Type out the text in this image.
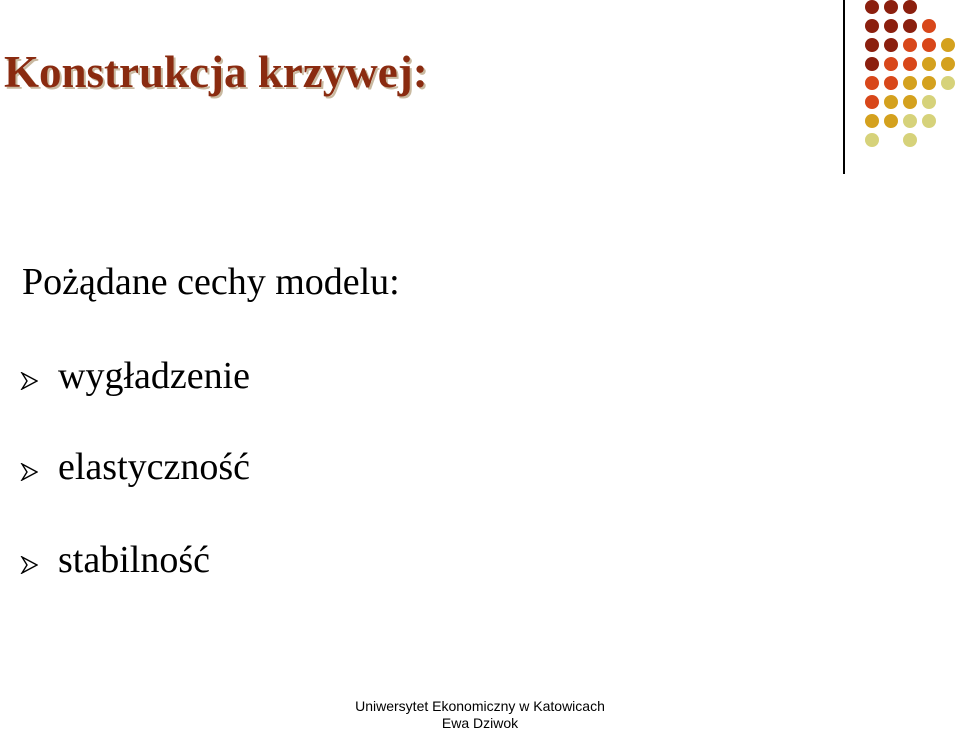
Konstrukcja krzywej:
Pożądane cechy modelu:
wygładzenie
elastyczność
stabilność
Uniwersytet Ekonomiczny w Katowicach
Ewa Dziwok
